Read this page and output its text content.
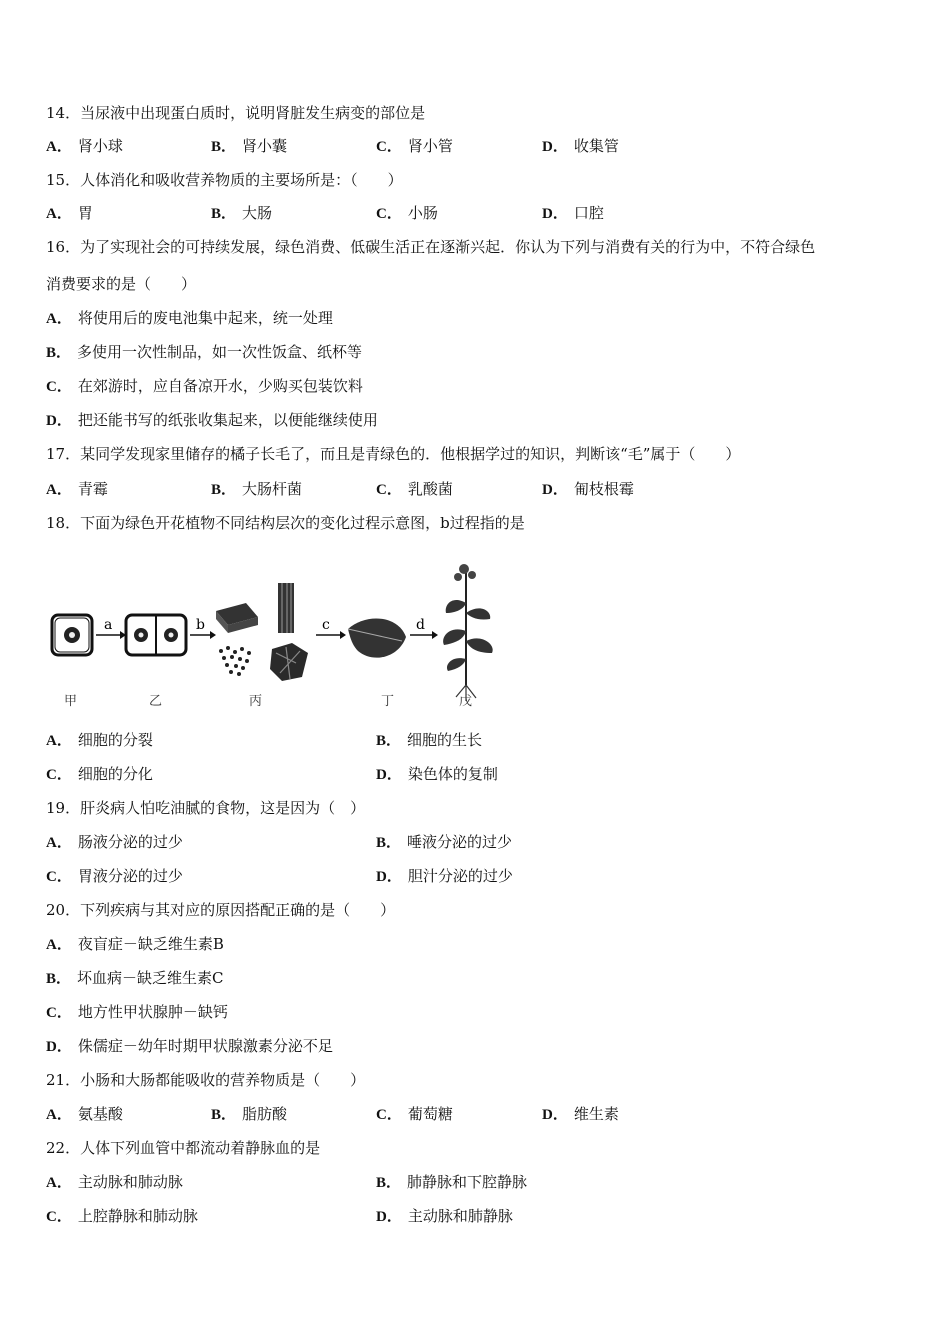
14．当尿液中出现蛋白质时，说明肾脏发生病变的部位是
A． 肾小球	B． 肾小囊	C． 肾小管	D． 收集管
15．人体消化和吸收营养物质的主要场所是：（　　）
A． 胃	B． 大肠	C． 小肠	D． 口腔
16．为了实现社会的可持续发展，绿色消费、低碳生活正在逐渐兴起．你认为下列与消费有关的行为中，不符合绿色
消费要求的是（　　）
A． 将使用后的废电池集中起来，统一处理
B． 多使用一次性制品，如一次性饭盒、纸杯等
C． 在郊游时，应自备凉开水，少购买包装饮料
D． 把还能书写的纸张收集起来，以便能继续使用
17．某同学发现家里储存的橘子长毛了，而且是青绿色的．他根据学过的知识，判断该“毛”属于（　　）
A． 青霉	B． 大肠杆菌	C． 乳酸菌	D． 匍枝根霉
18．下面为绿色开花植物不同结构层次的变化过程示意图，b过程指的是
a	b	c	d
甲	乙	丙	丁	戊
A． 细胞的分裂	B． 细胞的生长
C． 细胞的分化	D． 染色体的复制
19．肝炎病人怕吃油腻的食物，这是因为（　）
A． 肠液分泌的过少	B． 唾液分泌的过少
C． 胃液分泌的过少	D． 胆汁分泌的过少
20．下列疾病与其对应的原因搭配正确的是（　　）
A． 夜盲症－缺乏维生素B
B． 坏血病－缺乏维生素C
C． 地方性甲状腺肿－缺钙
D． 侏儒症－幼年时期甲状腺激素分泌不足
21．小肠和大肠都能吸收的营养物质是（　　）
A． 氨基酸	B． 脂肪酸	C． 葡萄糖	D． 维生素
22．人体下列血管中都流动着静脉血的是
A． 主动脉和肺动脉	B． 肺静脉和下腔静脉
C． 上腔静脉和肺动脉	D． 主动脉和肺静脉
